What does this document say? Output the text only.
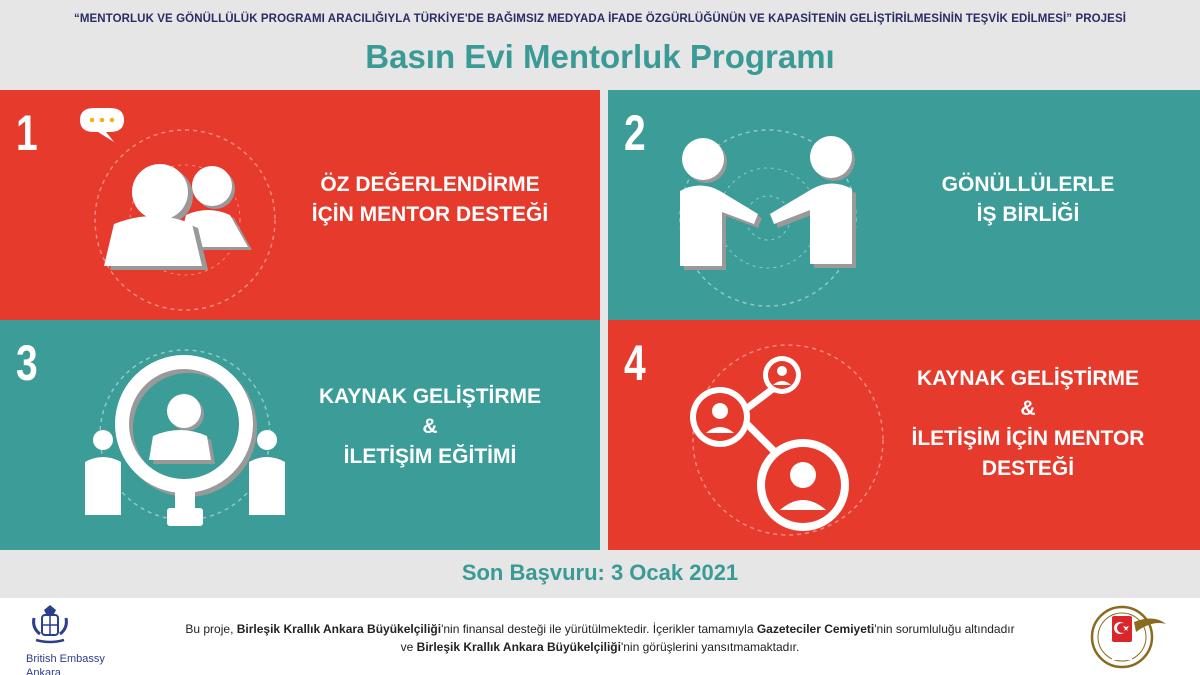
“MENTORLUK VE GÖNÜLLÜLÜK PROGRAMI ARACILIĞIYLA TÜRKİYE'DE BAĞIMSIZ MEDYADA İFADE ÖZGÜRLÜĞÜNÜN VE KAPASİTENİN GELİŞTİRİLMESİNİN TEŞVİK EDİLMESİ” PROJESİ
Basın Evi Mentorluk Programı
1
ÖZ DEĞERLENDİRME
İÇİN MENTOR DESTEĞİ
2
GÖNÜLLÜLERLE
İŞ BİRLİĞİ
3
KAYNAK GELİŞTİRME
&
İLETİŞİM EĞİTİMİ
4	KAYNAK GELİŞTİRME
&
İLETİŞİM İÇİN MENTOR
DESTEĞİ
Son Başvuru: 3 Ocak 2021
British Embassy
Ankara
Bu proje, Birleşik Krallık Ankara Büyükelçiliği'nin finansal desteği ile yürütülmektedir. İçerikler tamamıyla Gazeteciler Cemiyeti'nin sorumluluğu altındadır
ve Birleşik Krallık Ankara Büyükelçiliği'nin görüşlerini yansıtmamaktadır.
